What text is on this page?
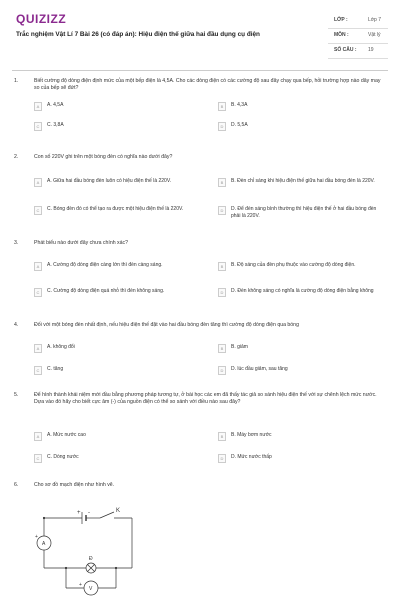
QUIZIZZ
Trắc nghiệm Vật Lí 7 Bài 26 (có đáp án): Hiệu điện thế giữa hai đầu dụng cụ điện
LỚP :	Lớp 7
MÔN :	Vật lý
SỐ CÂU : 19
1.	Biết cường độ dòng điện định mức của một bếp điện là 4,5A. Cho các dòng điện có các cường độ sau đây chạy qua bếp, hỏi trường hợp nào dây may so của bếp sẽ đứt?
A	A. 4,5A	B	B. 4,3A
C	C. 3,8A	D	D. 5,5A
2.	Con số 220V ghi trên một bóng đèn có nghĩa nào dưới đây?
A	A. Giữa hai đầu bóng đèn luôn có hiệu điện thế là 220V.	B	B. Đèn chỉ sáng khi hiệu điện thế giữa hai đầu bóng đèn là 220V.
C	C. Bóng đèn đó có thể tạo ra được một hiệu điện thế là 220V.	D	D. Để đèn sáng bình thường thì hiệu điện thế ở hai đầu bóng đèn phải là 220V.
3.	Phát biểu nào dưới đây chưa chính xác?
A	A. Cường độ dòng điện càng lớn thì đèn càng sáng.	B	B. Độ sáng của đèn phụ thuộc vào cường độ dòng điện.
C	C. Cường độ dòng điện quá nhỏ thì đèn không sáng.	D	D. Đèn không sáng có nghĩa là cường độ dòng điện bằng không
4.	Đối với một bóng đèn nhất định, nếu hiệu điện thế đặt vào hai đầu bóng đèn tăng thì cường độ dòng điện qua bóng
A	A. không đổi	B	B. giảm
C	C. tăng	D	D. lúc đầu giảm, sau tăng
5.	Để hình thành khái niệm mới đầu bằng phương pháp tương tự, ở bài học các em đã thấy tác giả so sánh hiệu điện thế với sự chênh lệch mức nước. Dựa vào đó hãy cho biết cực âm (-) của nguồn điện có thể so sánh với điều nào sau đây?
A	A. Mức nước cao	B	B. Máy bơm nước
C	C. Dòng nước	D	D. Mức nước thấp
6.	Cho sơ đồ mạch điện như hình vẽ.
+ -	K
A
+
Đ
V
+
